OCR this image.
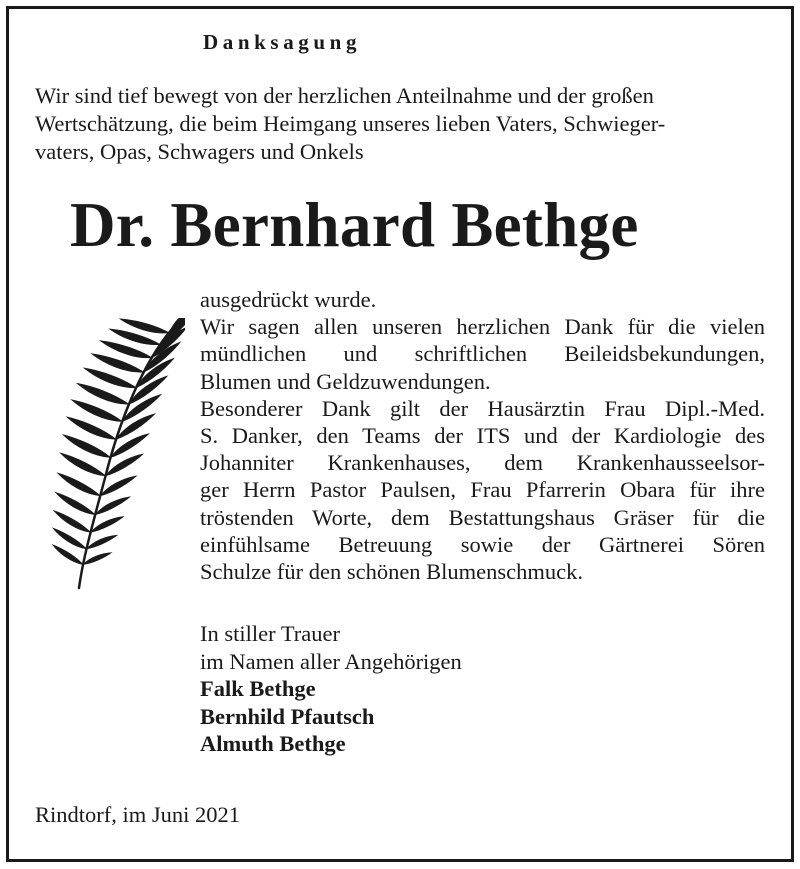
Danksagung
Wir sind tief bewegt von der herzlichen Anteilnahme und der großen
Wertschätzung, die beim Heimgang unseres lieben Vaters, Schwieger-
vaters, Opas, Schwagers und Onkels
Dr. Bernhard Bethge
ausgedrückt wurde.
Wir sagen allen unseren herzlichen Dank für die vielen
mündlichen und schriftlichen Beileidsbekundungen,
Blumen und Geldzuwendungen.
Besonderer Dank gilt der Hausärztin Frau Dipl.-Med.
S. Danker, den Teams der ITS und der Kardiologie des
Johanniter Krankenhauses, dem Krankenhausseelsor-
ger Herrn Pastor Paulsen, Frau Pfarrerin Obara für ihre
tröstenden Worte, dem Bestattungshaus Gräser für die
einfühlsame Betreuung sowie der Gärtnerei Sören
Schulze für den schönen Blumenschmuck.
In stiller Trauer
im Namen aller Angehörigen
Falk Bethge
Bernhild Pfautsch
Almuth Bethge
Rindtorf, im Juni 2021
